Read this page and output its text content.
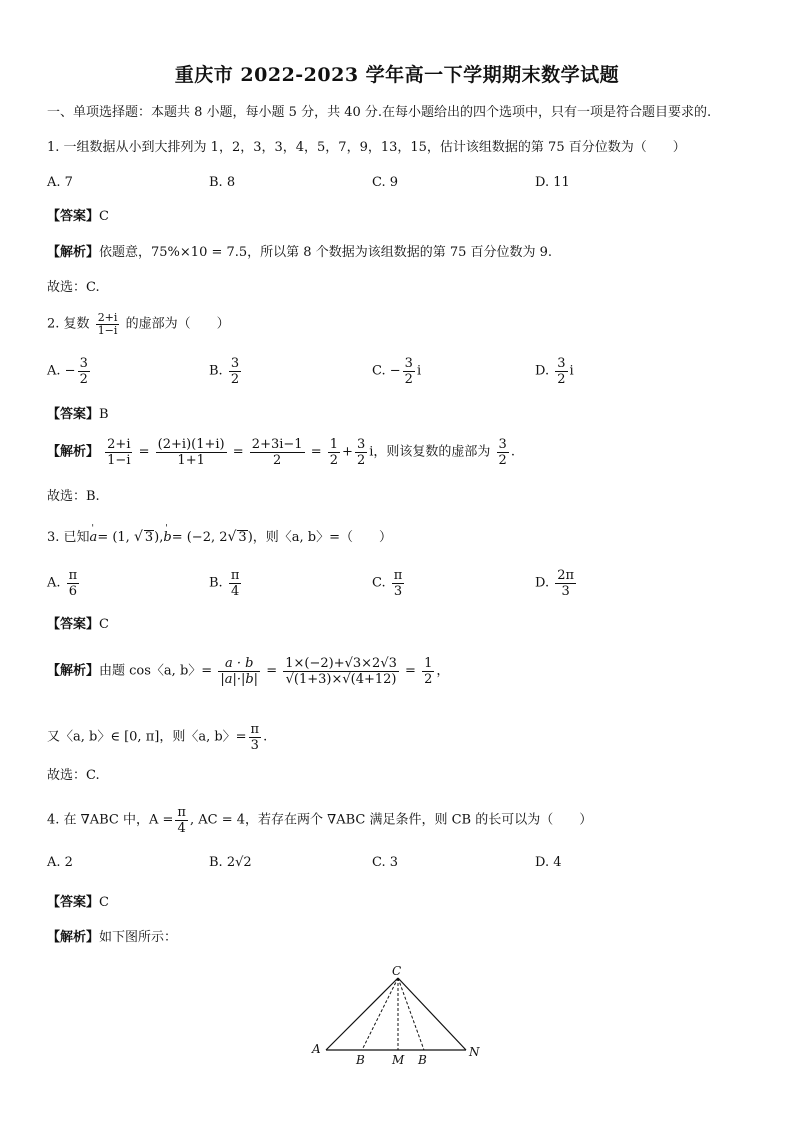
重庆市 2022-2023 学年高一下学期期末数学试题
一、单项选择题：本题共 8 小题，每小题 5 分，共 40 分.在每小题给出的四个选项中，只有一项是符合题目要求的.
1. 一组数据从小到大排列为 1，2，3，3，4，5，7，9，13，15，估计该组数据的第 75 百分位数为（　　）
A. 7	B. 8	C. 9	D. 11
【答案】C
【解析】依题意，75%×10 = 7.5，所以第 8 个数据为该组数据的第 75 百分位数为 9.
故选：C.
2. 复数 $\frac{2+i}{1-i}$ 的虚部为（　　）
A. − $\frac{3}{2}$	B. $\frac{3}{2}$	C. − $\frac{3}{2}$ i	D. $\frac{3}{2}$ i
【答案】B
【解析】 $\frac{2+i}{1-i} = \frac{(2+i)(1+i)}{1+1} = \frac{2+3i-1}{2} = \frac{1}{2} + \frac{3}{2}$ i，则该复数的虚部为 $\frac{3}{2}$ .
故选：B.
3. 已知' a= (1, √ 3),' b= (−2, 2√ 3)，则〈a, b〉=（　　）
A. $\frac{\pi}{6}$	B. $\frac{\pi}{4}$	C. $\frac{\pi}{3}$	D. $\frac{2\pi}{3}$
【答案】C
【解析】由题 cos〈a, b〉= $\frac{a \cdot b}{|a|\cdot|b|} = \frac{1\times(-2)+√3\times 2√3}{√(1+3)\times√(4+12)} = \frac{1}{2}$ ，
又〈a, b〉∈ [0, π]，则〈a, b〉= $\frac{\pi}{3}$ .
故选：C.
4. 在 ∇ABC 中，$A = \frac{\pi}{4}$ , AC = 4，若存在两个 ∇ABC 满足条件，则 CB 的长可以为（　　）
A. 2	B. 2√2	C. 3	D. 4
【答案】C
【解析】如下图所示：
C
A
B M B
N
